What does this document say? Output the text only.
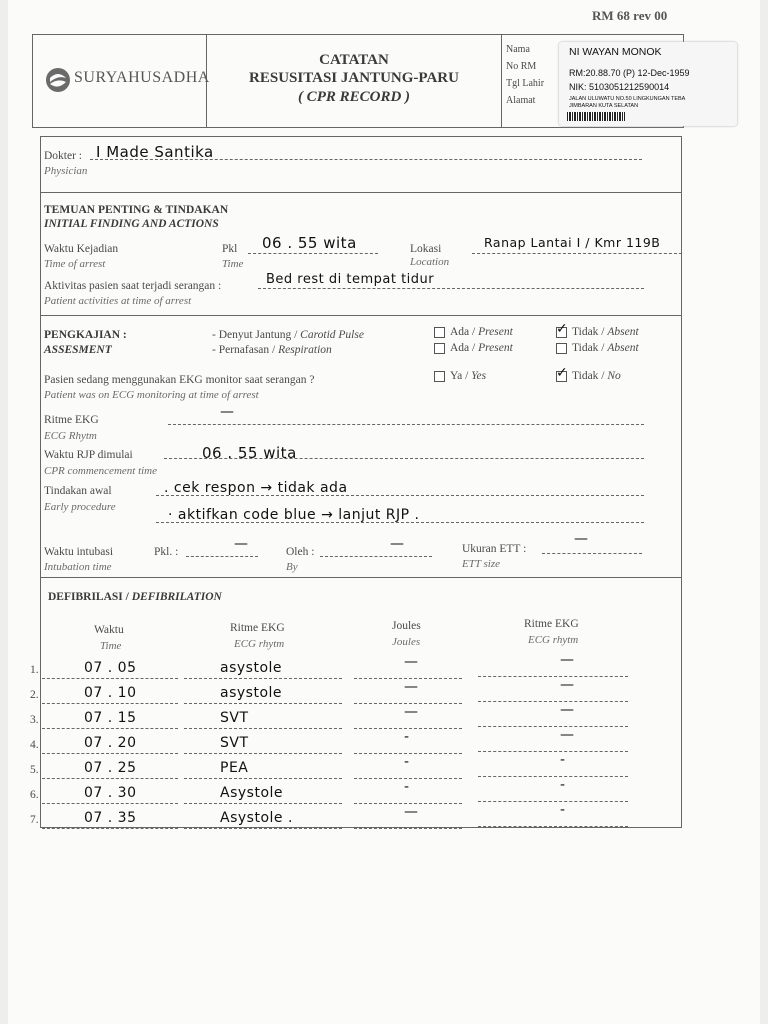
RM 68 rev 00
SURYAHUSADHA
CATATAN
RESUSITASI JANTUNG-PARU
( CPR RECORD )
Nama
No RM
Tgl Lahir
Alamat
NI WAYAN MONOK
RM:20.88.70 (P) 12-Dec-1959
NIK: 5103051212590014
JALAN ULUWATU NO.50 LINGKUNGAN TEBA
JIMBARAN KUTA SELATAN
Dokter :
Physician
I Made Santika
TEMUAN PENTING & TINDAKAN
INITIAL FINDING AND ACTIONS
Waktu Kejadian
Time of arrest
Pkl
Time
06 . 55 wita	Lokasi
Location
Ranap Lantai I / Kmr 119B
Aktivitas pasien saat terjadi serangan :
Patient activities at time of arrest
Bed rest di tempat tidur
PENGKAJIAN :
ASSESMENT
- Denyut Jantung / Carotid Pulse
- Pernafasan / Respiration
Ada / Present ✓	Tidak / Absent
Ada / Present	Tidak / Absent
Pasien sedang menggunakan EKG monitor saat serangan ?
Patient was on ECG monitoring at time of arrest
Ya / Yes ✓	Tidak / No
Ritme EKG
ECG Rhytm
—
Waktu RJP dimulai
CPR commencement time
06 . 55 wita
Tindakan awal
Early procedure
. cek respon → tidak ada
· aktifkan code blue → lanjut RJP .
Waktu intubasi
Intubation time
Pkl. :	—	Oleh :
By
—	Ukuran ETT :
ETT size
—
DEFIBRILASI / DEFIBRILATION
Waktu
Time
Ritme EKG
ECG rhytm
Joules
Joules
Ritme EKG
ECG rhytm
1.	07 . 05	asystole	—	—
2.	07 . 10	asystole	—	—
3.	07 . 15	SVT	—	—
4.	07 . 20	SVT	-	—
5.	07 . 25	PEA	-	-
6.	07 . 30	Asystole	-	-
7.	07 . 35	Asystole .	—	-
